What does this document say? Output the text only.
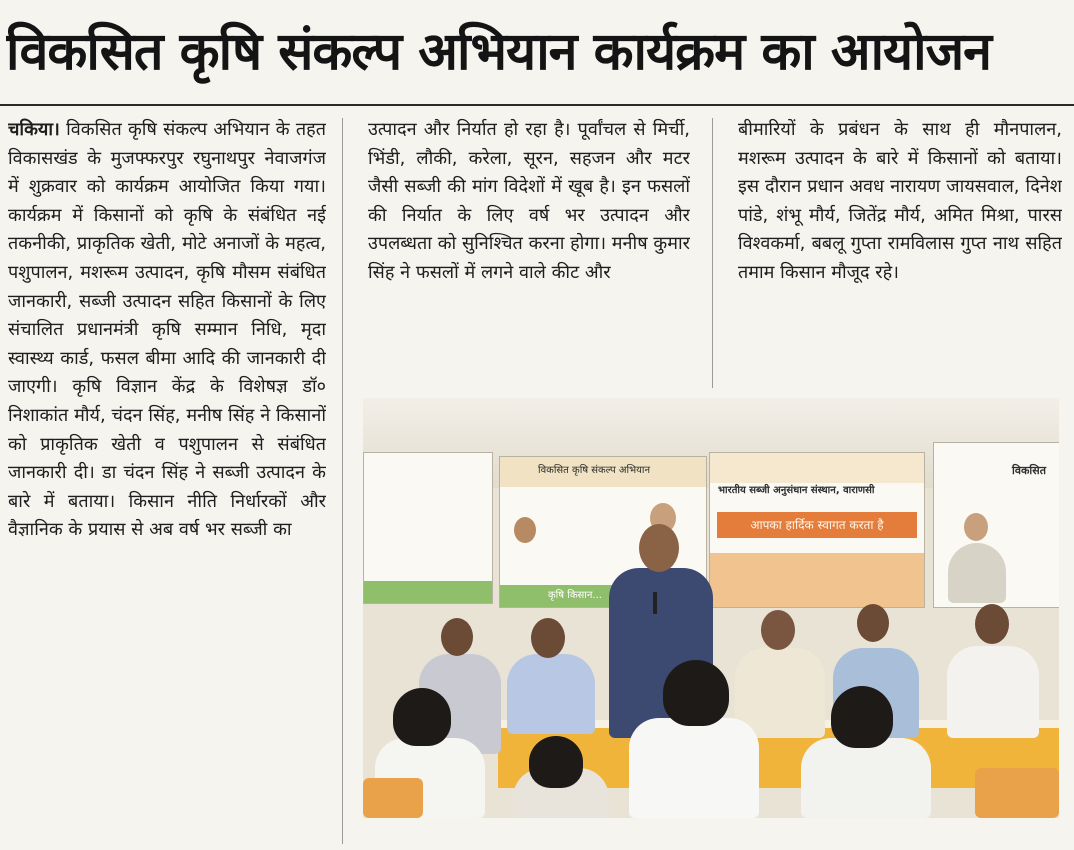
विकसित कृषि संकल्प अभियान कार्यक्रम का आयोजन
चकिया। विकसित कृषि संकल्प अभियान के तहत विकासखंड के मुजफ्फरपुर रघुनाथपुर नेवाजगंज में शुक्रवार को कार्यक्रम आयोजित किया गया। कार्यक्रम में किसानों को कृषि के संबंधित नई तकनीकी, प्राकृतिक खेती, मोटे अनाजों के महत्व, पशुपालन, मशरूम उत्पादन, कृषि मौसम संबंधित जानकारी, सब्जी उत्पादन सहित किसानों के लिए संचालित प्रधानमंत्री कृषि सम्मान निधि, मृदा स्वास्थ्य कार्ड, फसल बीमा आदि की जानकारी दी जाएगी। कृषि विज्ञान केंद्र के विशेषज्ञ डॉ० निशाकांत मौर्य, चंदन सिंह, मनीष सिंह ने किसानों को प्राकृतिक खेती व पशुपालन से संबंधित जानकारी दी। डा चंदन सिंह ने सब्जी उत्पादन के बारे में बताया। किसान नीति निर्धारकों और वैज्ञानिक के प्रयास से अब वर्ष भर सब्जी का
उत्पादन और निर्यात हो रहा है। पूर्वांचल से मिर्ची, भिंडी, लौकी, करेला, सूरन, सहजन और मटर जैसी सब्जी की मांग विदेशों में खूब है। इन फसलों की निर्यात के लिए वर्ष भर उत्पादन और उपलब्धता को सुनिश्चित करना होगा। मनीष कुमार सिंह ने फसलों में लगने वाले कीट और
बीमारियों के प्रबंधन के साथ ही मौनपालन, मशरूम उत्पादन के बारे में किसानों को बताया। इस दौरान प्रधान अवध नारायण जायसवाल, दिनेश पांडे, शंभू मौर्य, जितेंद्र मौर्य, अमित मिश्रा, पारस विश्वकर्मा, बबलू गुप्ता रामविलास गुप्त नाथ सहित तमाम किसान मौजूद रहे।
विकसित कृषि संकल्प अभियान
कृषि किसान...
भारतीय सब्जी अनुसंधान संस्थान, वाराणसी
आपका हार्दिक स्वागत करता है
विकसित
